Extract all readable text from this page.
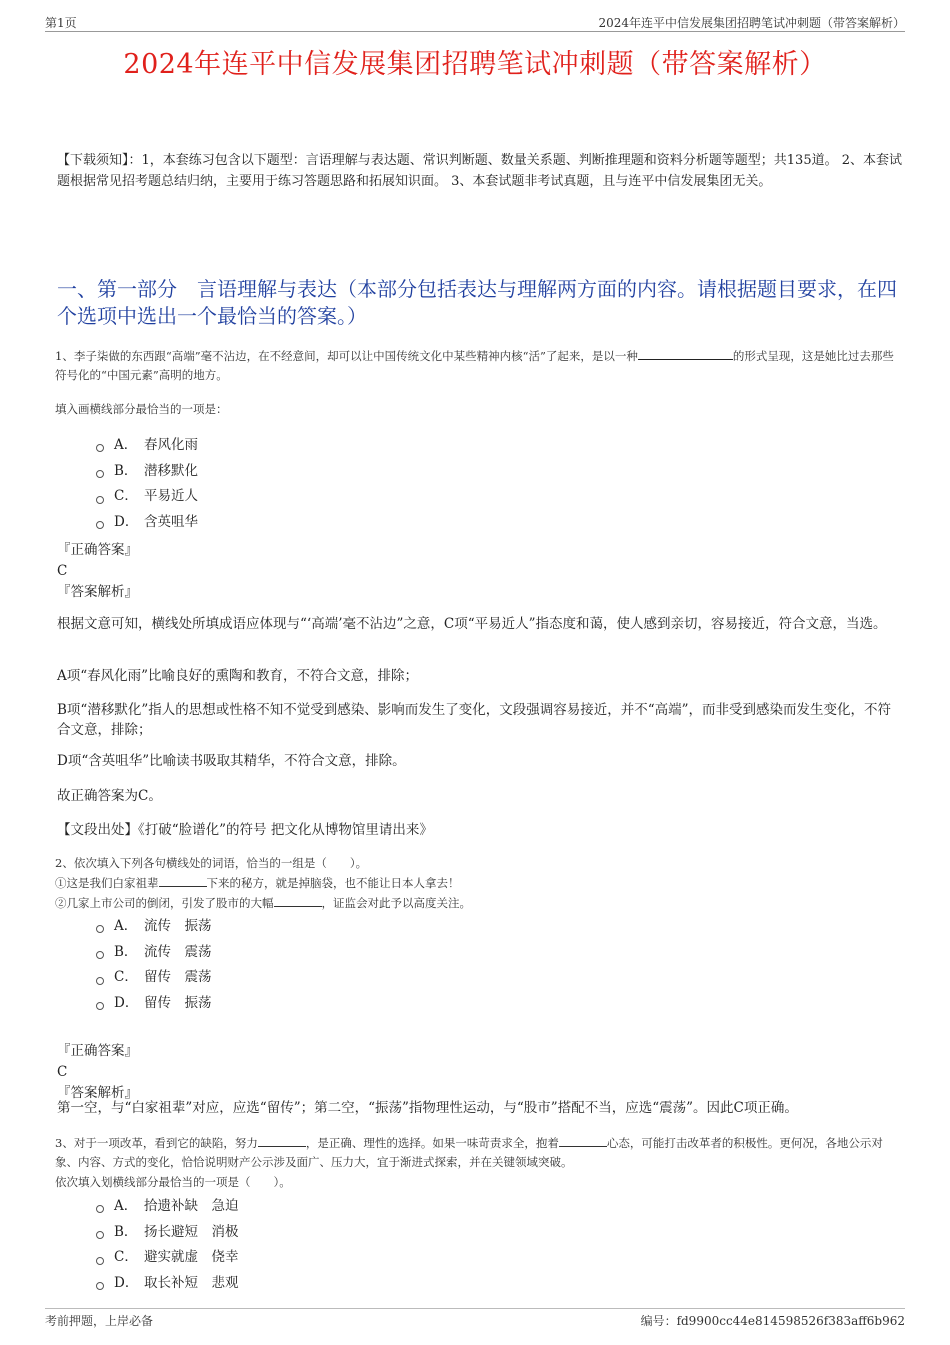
第1页	2024年连平中信发展集团招聘笔试冲刺题（带答案解析）
2024年连平中信发展集团招聘笔试冲刺题（带答案解析）
【下载须知】：1，本套练习包含以下题型：言语理解与表达题、常识判断题、数量关系题、判断推理题和资料分析题等题型；共135道。 2、本套试题根据常见招考题总结归纳，主要用于练习答题思路和拓展知识面。 3、本套试题非考试真题，且与连平中信发展集团无关。
一、第一部分　言语理解与表达（本部分包括表达与理解两方面的内容。请根据题目要求，在四个选项中选出一个最恰当的答案。）
1、李子柒做的东西跟“高端”毫不沾边，在不经意间，却可以让中国传统文化中某些精神内核“活”了起来，是以一种	的形式呈现，这是她比过去那些符号化的“中国元素”高明的地方。
填入画横线部分最恰当的一项是：
A． 春风化雨
B． 潜移默化
C． 平易近人
D． 含英咀华
『正确答案』
C
『答案解析』
根据文意可知，横线处所填成语应体现与“‘高端’毫不沾边”之意，C项“平易近人”指态度和蔼，使人感到亲切，容易接近，符合文意，当选。
A项“春风化雨”比喻良好的熏陶和教育，不符合文意，排除；
B项“潜移默化”指人的思想或性格不知不觉受到感染、影响而发生了变化，文段强调容易接近，并不“高端”，而非受到感染而发生变化，不符合文意，排除；
D项“含英咀华”比喻读书吸取其精华，不符合文意，排除。
故正确答案为C。
【文段出处】《打破“脸谱化”的符号 把文化从博物馆里请出来》
2、依次填入下列各句横线处的词语，恰当的一组是（　　）。
①这是我们白家祖辈	下来的秘方，就是掉脑袋，也不能让日本人拿去！
②几家上市公司的倒闭，引发了股市的大幅	，证监会对此予以高度关注。
A． 流传　振荡
B． 流传　震荡
C． 留传　震荡
D． 留传　振荡
『正确答案』
C
『答案解析』
第一空，与“白家祖辈”对应，应选“留传”；第二空，“振荡”指物理性运动，与“股市”搭配不当，应选“震荡”。因此C项正确。
3、对于一项改革，看到它的缺陷，努力	，是正确、理性的选择。如果一味苛责求全，抱着	心态，可能打击改革者的积极性。更何况，各地公示对象、内容、方式的变化，恰恰说明财产公示涉及面广、压力大，宜于渐进式探索，并在关键领域突破。
依次填入划横线部分最恰当的一项是（　　）。
A． 拾遗补缺　急迫
B． 扬长避短　消极
C． 避实就虚　侥幸
D． 取长补短　悲观
考前押题，上岸必备	编号：fd9900cc44e814598526f383aff6b962
